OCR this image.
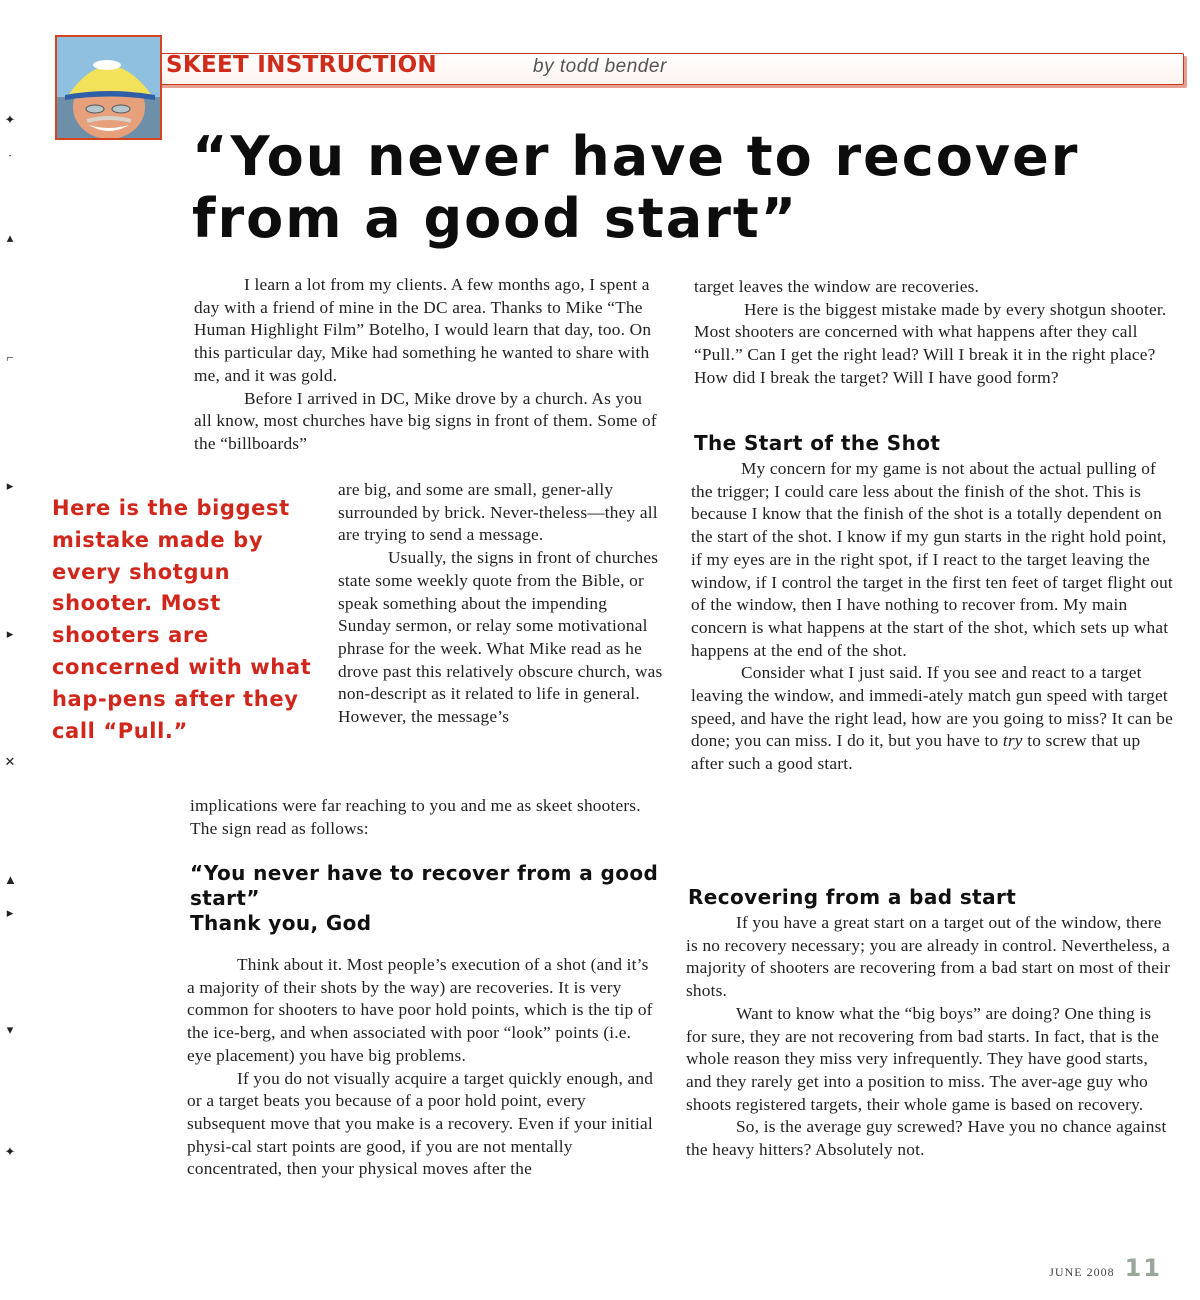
✦
·
▴
⌐
▸
▸
✕
▲
▸
▾
✦
SKEET INSTRUCTION	by todd bender
“You never have to recover
from a good start”

I learn a lot from my clients. A few months ago, I spent a day with a friend of mine in the DC area. Thanks to Mike “The Human Highlight Film” Botelho, I would learn that day, too. On this particular day, Mike had something he wanted to share with me, and it was gold.

Before I arrived in DC, Mike drove by a church. As you all know, most churches have big signs in front of them. Some of the “billboards”

Here is the biggest mistake made by every shotgun shooter. Most shooters are concerned with what hap-pens after they call “Pull.”

are big, and some are small, gener-ally surrounded by brick. Never-theless—they all are trying to send a message.

Usually, the signs in front of churches state some weekly quote from the Bible, or speak something about the impending Sunday sermon, or relay some motivational phrase for the week. What Mike read as he drove past this relatively obscure church, was non-descript as it related to life in general. However, the message’s

implications were far reaching to you and me as skeet shooters. The sign read as follows:

“You never have to recover from a good start”
Thank you, God

Think about it. Most people’s execution of a shot (and it’s a majority of their shots by the way) are recoveries. It is very common for shooters to have poor hold points, which is the tip of the ice-berg, and when associated with poor “look” points (i.e. eye placement) you have big problems.

If you do not visually acquire a target quickly enough, and or a target beats you because of a poor hold point, every subsequent move that you make is a recovery. Even if your initial physi-cal start points are good, if you are not mentally concentrated, then your physical moves after the

target leaves the window are recoveries.

Here is the biggest mistake made by every shotgun shooter. Most shooters are concerned with what happens after they call “Pull.” Can I get the right lead? Will I break it in the right place? How did I break the target? Will I have good form?

The Start of the Shot

My concern for my game is not about the actual pulling of the trigger; I could care less about the finish of the shot. This is because I know that the finish of the shot is a totally dependent on the start of the shot. I know if my gun starts in the right hold point, if my eyes are in the right spot, if I react to the target leaving the window, if I control the target in the first ten feet of target flight out of the window, then I have nothing to recover from. My main concern is what happens at the start of the shot, which sets up what happens at the end of the shot.

Consider what I just said. If you see and react to a target leaving the window, and immedi-ately match gun speed with target speed, and have the right lead, how are you going to miss? It can be done; you can miss. I do it, but you have to try to screw that up after such a good start.

Recovering from a bad start

If you have a great start on a target out of the window, there is no recovery necessary; you are already in control. Nevertheless, a majority of shooters are recovering from a bad start on most of their shots.

Want to know what the “big boys” are doing? One thing is for sure, they are not recovering from bad starts. In fact, that is the whole reason they miss very infrequently. They have good starts, and they rarely get into a position to miss. The aver-age guy who shoots registered targets, their whole game is based on recovery.

So, is the average guy screwed? Have you no chance against the heavy hitters? Absolutely not.

JUNE 2008 11
